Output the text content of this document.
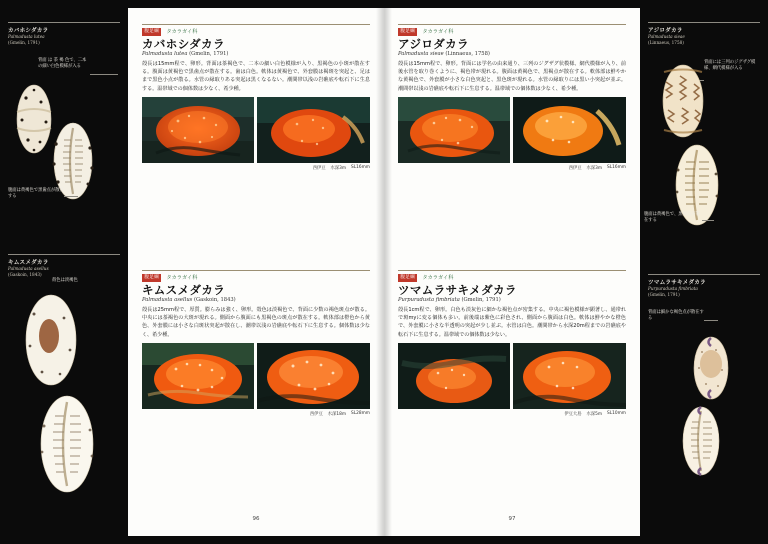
腹足綱	タカラガイ科
カバホシダカラ
Palmadusta lutea (Gmelin, 1791)
殻長は15mm程で、卵形。背面は茶褐色で、二本の細い白色模様が入り、黒褐色の小斑が散在する。腹面は黄褐色で黒歯点が散在する。歯は白色。軟体は黄褐色で、外套膜は褐斑を突起と、足はまで黒色小点が散る。水管の縁取りある突起は黒くなるない。潮間帯以浅の岩礁底や転石下に生息する。温帯域での個体数は少なく、希少種。
西伊豆 水深3m SL16mm
腹足綱	タカラガイ科
キムスメダカラ
Palmadusta asellus (Gaskoin, 1843)
殻長は25mm程で、厚質。膨らみは強く、卵形。殻色は淡褐色で、背面に少数の褐色斑点が散る。中央には茶褐色の大斑が現れる。側面から腹面にも黒褐色の斑点が散在する。軟体部は橙色から黄色、外套膜には小さな白斑状突起が散在し、潮帯以浅の岩礁底や転石下に生息する。個体数は少なく、希少種。
西伊豆 水深18m SL28mm
96
腹足綱	タカラガイ科
アジロダカラ
Palmadusta sieae (Linnaeus, 1758)
殻長は15mm程で、卵形。背面には学名の由来通り、三列のジグザグ状模様、網代模様が入り、前後水管を取り巻くように、褐色帯が現れる。腹面は黄褐色で、黒褐点が散在する。軟体部は鮮やかな黄褐色で、外套膜が小さな白色突起と、黒色斑が現れる。水管の縁取りには黒い小突起が並ぶ。潮間帯以浅の岩礁底や転石下に生息する。温帯域での個体数は少なく、希少種。
西伊豆 水深3m SL16mm
腹足綱	タカラガイ科
ツマムラサキメダカラ
Purpuradusta fimbriata (Gmelin, 1791)
殻長1cm程で、卵形。白色も淡灰色に細かな褐色点が密集する。中央に褐色模様が顕著し、通帯れで斑myに変る個体も多い。前後端は紫色に彩色され、側面から腹面は白色。軟体は鮮やかな橙色で、外套膜に小さな半透明の突起が少し並ぶ。水管は白色。潮間帯から水深20m程までの岩礁底や転石下に生息する。温帯域での個体数は少ない。
伊豆大島 水深5m SL10mm
97
カバホシダカラ
Palmadusta lutea
(Gmelin, 1791)
背面 は 茶 褐 色で、二本の細い白色模様が入る
腹面は黄褐色で黒歯点が散在する
キムスメダカラ
Palmadusta asellus
(Gaskoin, 1843)
殻色は淡褐色
アジロダカラ
Palmadusta sieae
(Linnaeus, 1758)
背面には三列のジグザグ模様、網代模様が入る
腹面は黄褐色で、黒褐点が散在する
ツマムラサキメダカラ
Purpuradusta fimbriata
(Gmelin, 1791)
背面は細かな褐色点が散在する
